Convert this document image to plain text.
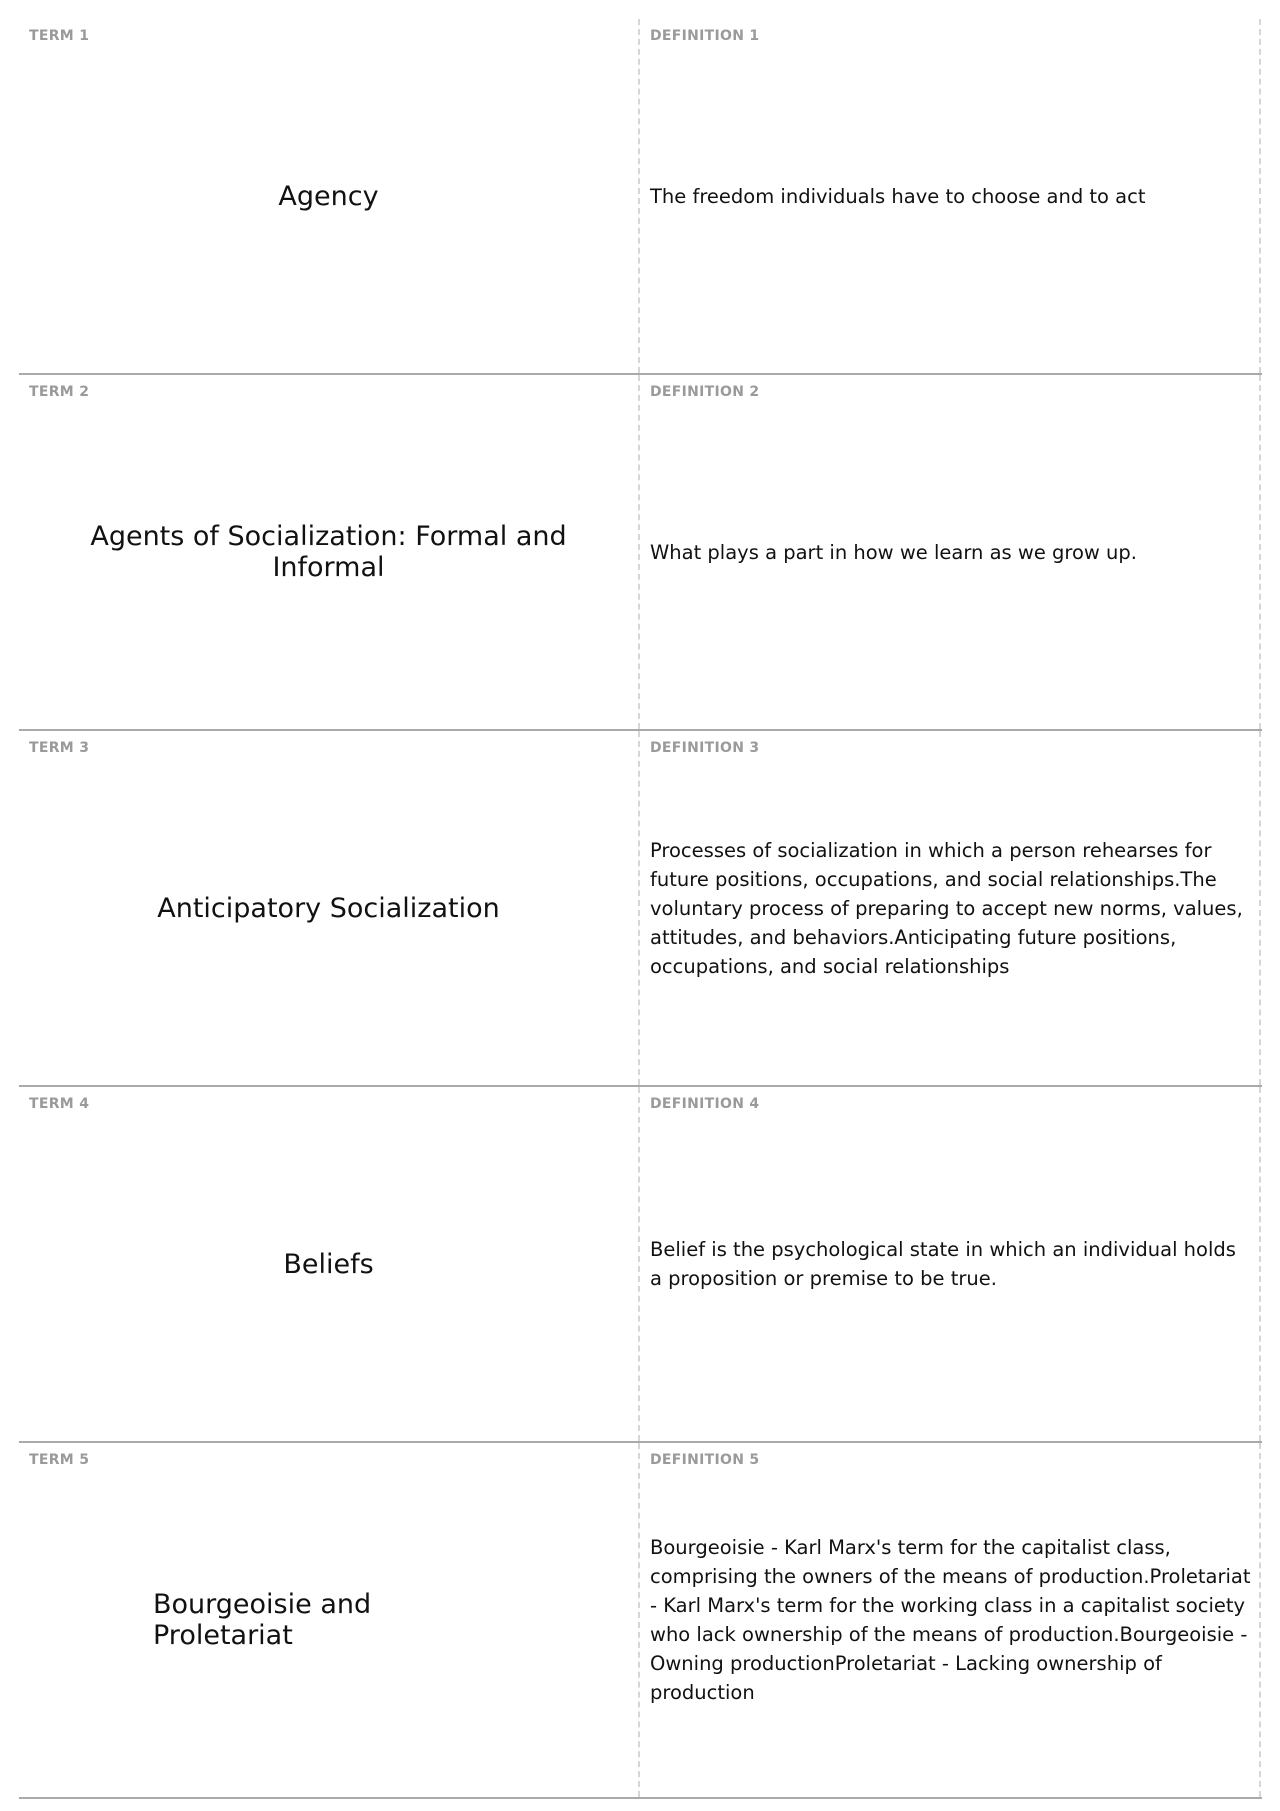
TERM 1
Agency
DEFINITION 1
The freedom individuals have to choose and to act
TERM 2
Agents of Socialization: Formal and Informal
DEFINITION 2
What plays a part in how we learn as we grow up.
TERM 3
Anticipatory Socialization
DEFINITION 3
Processes of socialization in which a person rehearses for future positions, occupations, and social relationships.The voluntary process of preparing to accept new norms, values, attitudes, and behaviors.Anticipating future positions, occupations, and social relationships
TERM 4
Beliefs
DEFINITION 4
Belief is the psychological state in which an individual holds a proposition or premise to be true.
TERM 5
Bourgeoisie and Proletariat
DEFINITION 5
Bourgeoisie - Karl Marx's term for the capitalist class, comprising the owners of the means of production.Proletariat - Karl Marx's term for the working class in a capitalist society who lack ownership of the means of production.Bourgeoisie - Owning productionProletariat - Lacking ownership of production
